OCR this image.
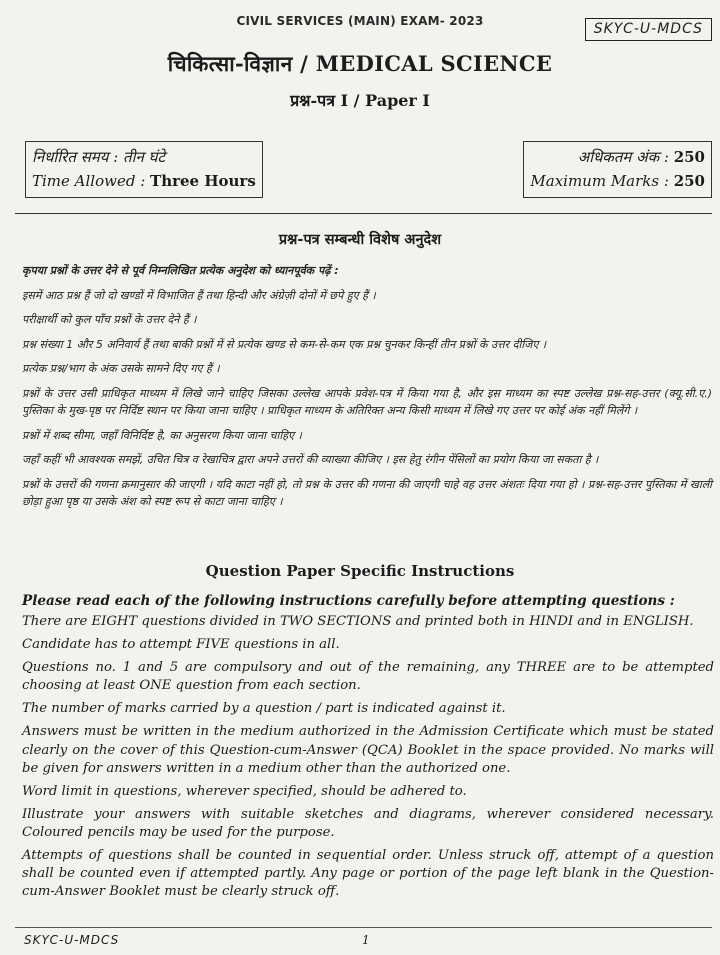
CIVIL SERVICES (MAIN) EXAM- 2023	SKYC-U-MDCS
चिकित्सा-विज्ञान / MEDICAL SCIENCE
प्रश्न-पत्र I / Paper I
निर्धारित समय : तीन घंटे
Time Allowed : Three Hours
अधिकतम अंक : 250
Maximum Marks : 250
प्रश्न-पत्र सम्बन्धी विशेष अनुदेश

कृपया प्रश्नों के उत्तर देने से पूर्व निम्नलिखित प्रत्येक अनुदेश को ध्यानपूर्वक पढ़ें :

इसमें आठ प्रश्न हैं जो दो खण्डों में विभाजित हैं तथा हिन्दी और अंग्रेज़ी दोनों में छपे हुए हैं ।

परीक्षार्थी को कुल पाँच प्रश्नों के उत्तर देने हैं ।

प्रश्न संख्या 1 और 5 अनिवार्य हैं तथा बाकी प्रश्नों में से प्रत्येक खण्ड से कम-से-कम एक प्रश्न चुनकर किन्हीं तीन प्रश्नों के उत्तर दीजिए ।

प्रत्येक प्रश्न/भाग के अंक उसके सामने दिए गए हैं ।

प्रश्नों के उत्तर उसी प्राधिकृत माध्यम में लिखे जाने चाहिए जिसका उल्लेख आपके प्रवेश-पत्र में किया गया है, और इस माध्यम का स्पष्ट उल्लेख प्रश्न-सह-उत्तर (क्यू.सी.ए.) पुस्तिका के मुख-पृष्ठ पर निर्दिष्ट स्थान पर किया जाना चाहिए । प्राधिकृत माध्यम के अतिरिक्त अन्य किसी माध्यम में लिखे गए उत्तर पर कोई अंक नहीं मिलेंगे ।

प्रश्नों में शब्द सीमा, जहाँ विनिर्दिष्ट है, का अनुसरण किया जाना चाहिए ।

जहाँ कहीं भी आवश्यक समझें, उचित चित्र व रेखाचित्र द्वारा अपने उत्तरों की व्याख्या कीजिए । इस हेतु रंगीन पेंसिलों का प्रयोग किया जा सकता है ।

प्रश्नों के उत्तरों की गणना क्रमानुसार की जाएगी । यदि काटा नहीं हो, तो प्रश्न के उत्तर की गणना की जाएगी चाहे वह उत्तर अंशतः दिया गया हो । प्रश्न-सह-उत्तर पुस्तिका में खाली छोड़ा हुआ पृष्ठ या उसके अंश को स्पष्ट रूप से काटा जाना चाहिए ।

Question Paper Specific Instructions

Please read each of the following instructions carefully before attempting questions :

There are EIGHT questions divided in TWO SECTIONS and printed both in HINDI and in ENGLISH.

Candidate has to attempt FIVE questions in all.

Questions no. 1 and 5 are compulsory and out of the remaining, any THREE are to be attempted choosing at least ONE question from each section.

The number of marks carried by a question / part is indicated against it.

Answers must be written in the medium authorized in the Admission Certificate which must be stated clearly on the cover of this Question-cum-Answer (QCA) Booklet in the space provided. No marks will be given for answers written in a medium other than the authorized one.

Word limit in questions, wherever specified, should be adhered to.

Illustrate your answers with suitable sketches and diagrams, wherever considered necessary. Coloured pencils may be used for the purpose.

Attempts of questions shall be counted in sequential order. Unless struck off, attempt of a question shall be counted even if attempted partly. Any page or portion of the page left blank in the Question-cum-Answer Booklet must be clearly struck off.

SKYC-U-MDCS	1
